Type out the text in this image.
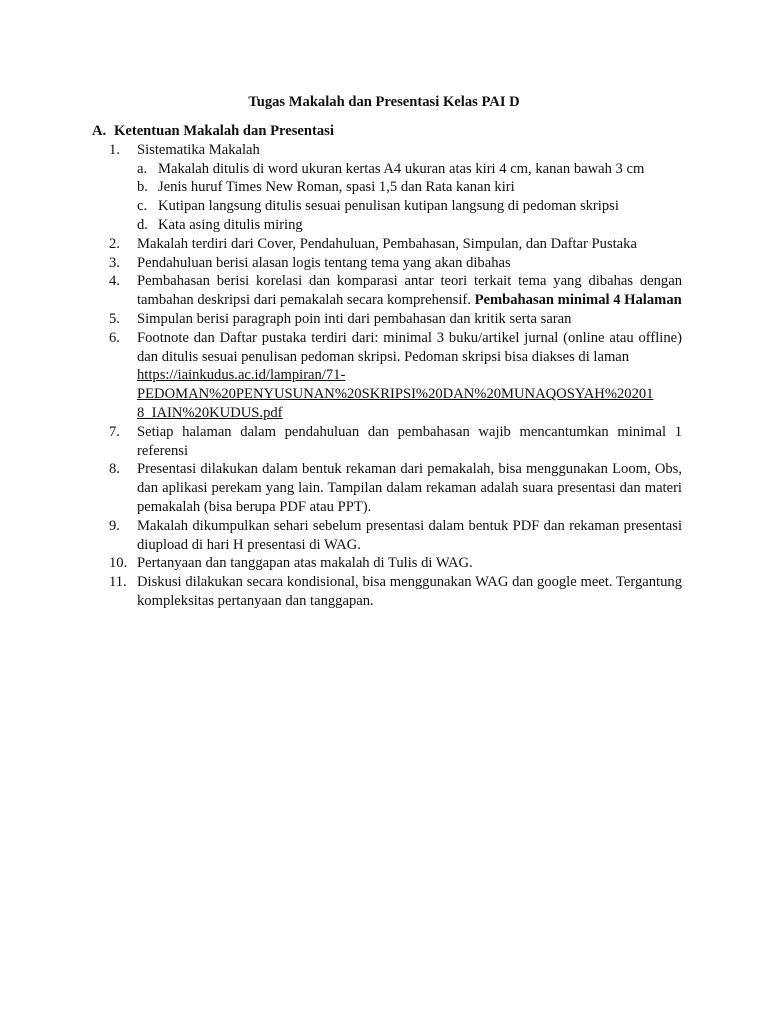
Tugas Makalah dan Presentasi Kelas PAI D

A. Ketentuan Makalah dan Presentasi

1. Sistematika Makalah
a. Makalah ditulis di word ukuran kertas A4 ukuran atas kiri 4 cm, kanan bawah 3 cm
b. Jenis huruf Times New Roman, spasi 1,5 dan Rata kanan kiri
c. Kutipan langsung ditulis sesuai penulisan kutipan langsung di pedoman skripsi
d. Kata asing ditulis miring
2. Makalah terdiri dari Cover, Pendahuluan, Pembahasan, Simpulan, dan Daftar Pustaka
3. Pendahuluan berisi alasan logis tentang tema yang akan dibahas
4. Pembahasan berisi korelasi dan komparasi antar teori terkait tema yang dibahas dengan tambahan deskripsi dari pemakalah secara komprehensif. Pembahasan minimal 4 Halaman
5. Simpulan berisi paragraph poin inti dari pembahasan dan kritik serta saran
6. Footnote dan Daftar pustaka terdiri dari: minimal 3 buku/artikel jurnal (online atau offline) dan ditulis sesuai penulisan pedoman skripsi. Pedoman skripsi bisa diakses di laman
https://iainkudus.ac.id/lampiran/71-
PEDOMAN%20PENYUSUNAN%20SKRIPSI%20DAN%20MUNAQOSYAH%20201
8_IAIN%20KUDUS.pdf
7. Setiap halaman dalam pendahuluan dan pembahasan wajib mencantumkan minimal 1 referensi
8. Presentasi dilakukan dalam bentuk rekaman dari pemakalah, bisa menggunakan Loom, Obs, dan aplikasi perekam yang lain. Tampilan dalam rekaman adalah suara presentasi dan materi pemakalah (bisa berupa PDF atau PPT).
9. Makalah dikumpulkan sehari sebelum presentasi dalam bentuk PDF dan rekaman presentasi diupload di hari H presentasi di WAG.
10. Pertanyaan dan tanggapan atas makalah di Tulis di WAG.
11. Diskusi dilakukan secara kondisional, bisa menggunakan WAG dan google meet. Tergantung kompleksitas pertanyaan dan tanggapan.
